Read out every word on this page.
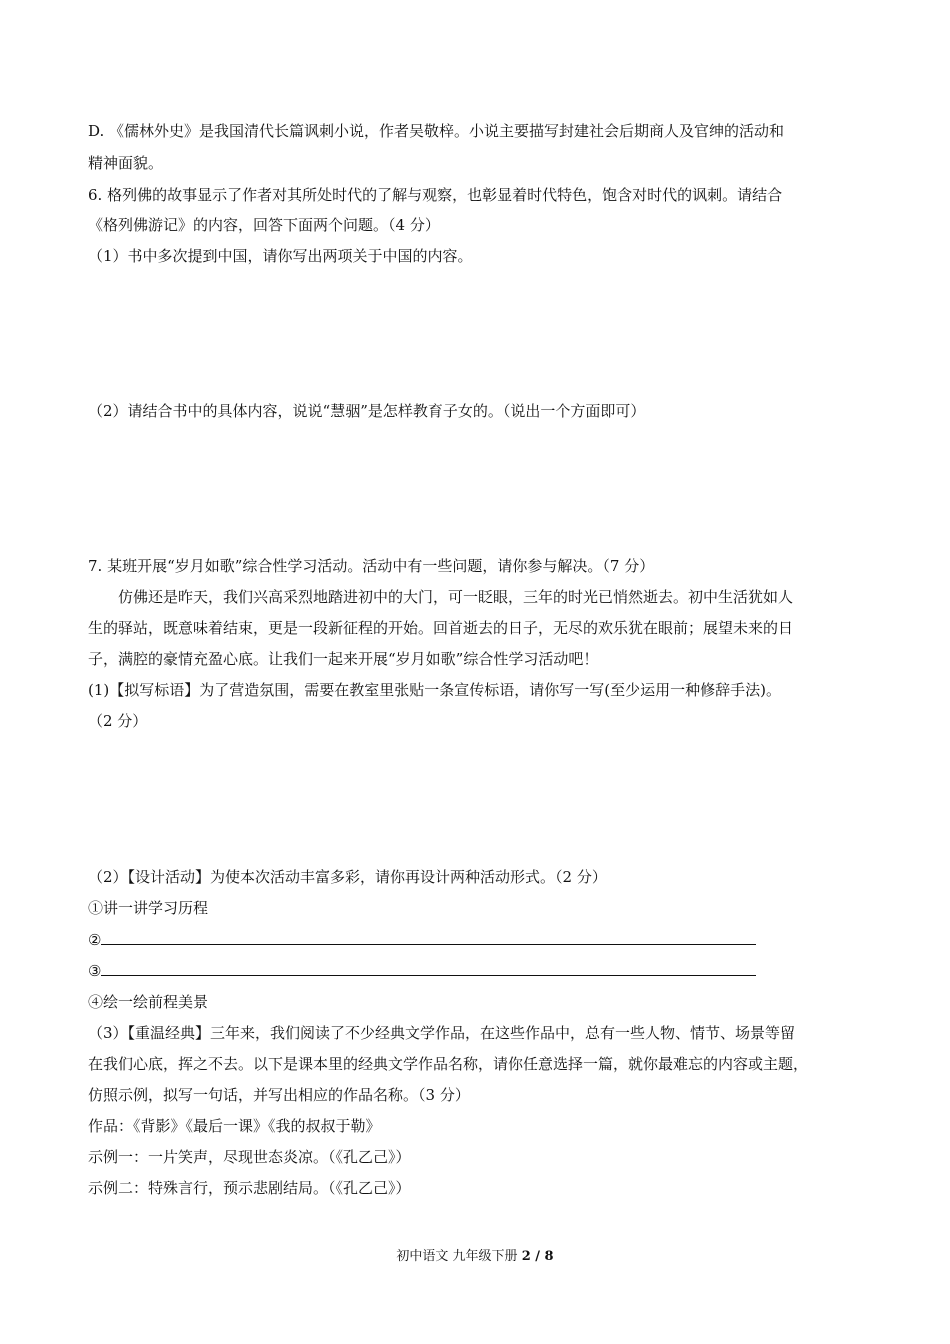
D. 《儒林外史》是我国清代长篇讽刺小说，作者吴敬梓。小说主要描写封建社会后期商人及官绅的活动和
精神面貌。
6. 格列佛的故事显示了作者对其所处时代的了解与观察，也彰显着时代特色，饱含对时代的讽刺。请结合
《格列佛游记》的内容，回答下面两个问题。（4 分）
（1）书中多次提到中国，请你写出两项关于中国的内容。
（2）请结合书中的具体内容，说说“慧骃”是怎样教育子女的。（说出一个方面即可）
7. 某班开展“岁月如歌”综合性学习活动。活动中有一些问题，请你参与解决。（7 分）
仿佛还是昨天，我们兴高采烈地踏进初中的大门，可一眨眼，三年的时光已悄然逝去。初中生活犹如人
生的驿站，既意味着结束，更是一段新征程的开始。回首逝去的日子，无尽的欢乐犹在眼前；展望未来的日
子，满腔的豪情充盈心底。让我们一起来开展“岁月如歌”综合性学习活动吧！
(1)【拟写标语】为了营造氛围，需要在教室里张贴一条宣传标语，请你写一写(至少运用一种修辞手法)。
（2 分）
（2）【设计活动】为使本次活动丰富多彩，请你再设计两种活动形式。（2 分）
①讲一讲学习历程
②
③
④绘一绘前程美景
（3）【重温经典】三年来，我们阅读了不少经典文学作品，在这些作品中，总有一些人物、情节、场景等留
在我们心底，挥之不去。以下是课本里的经典文学作品名称，请你任意选择一篇，就你最难忘的内容或主题，
仿照示例，拟写一句话，并写出相应的作品名称。（3 分）
作品：《背影》《最后一课》《我的叔叔于勒》
示例一：一片笑声，尽现世态炎凉。（《孔乙己》）
示例二：特殊言行，预示悲剧结局。（《孔乙己》）
初中语文 九年级下册 2 / 8
